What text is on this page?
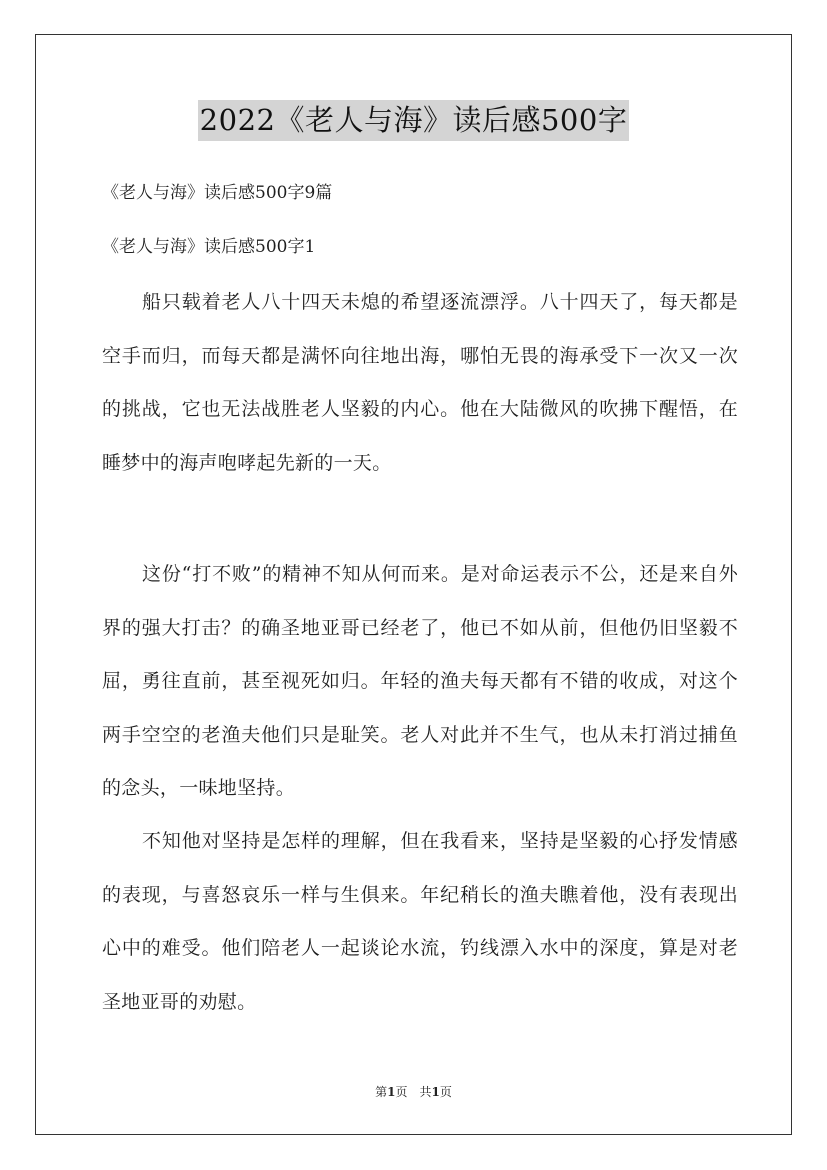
2022《老人与海》读后感500字
《老人与海》读后感500字9篇
《老人与海》读后感500字1
船只载着老人八十四天未熄的希望逐流漂浮。八十四天了，每天都是空手而归，而每天都是满怀向往地出海，哪怕无畏的海承受下一次又一次的挑战，它也无法战胜老人坚毅的内心。他在大陆微风的吹拂下醒悟，在睡梦中的海声咆哮起先新的一天。
这份“打不败”的精神不知从何而来。是对命运表示不公，还是来自外界的强大打击？的确圣地亚哥已经老了，他已不如从前，但他仍旧坚毅不屈，勇往直前，甚至视死如归。年轻的渔夫每天都有不错的收成，对这个两手空空的老渔夫他们只是耻笑。老人对此并不生气，也从未打消过捕鱼的念头，一味地坚持。
不知他对坚持是怎样的理解，但在我看来，坚持是坚毅的心抒发情感的表现，与喜怒哀乐一样与生俱来。年纪稍长的渔夫瞧着他，没有表现出心中的难受。他们陪老人一起谈论水流，钓线漂入水中的深度，算是对老圣地亚哥的劝慰。
第1页　共1页
